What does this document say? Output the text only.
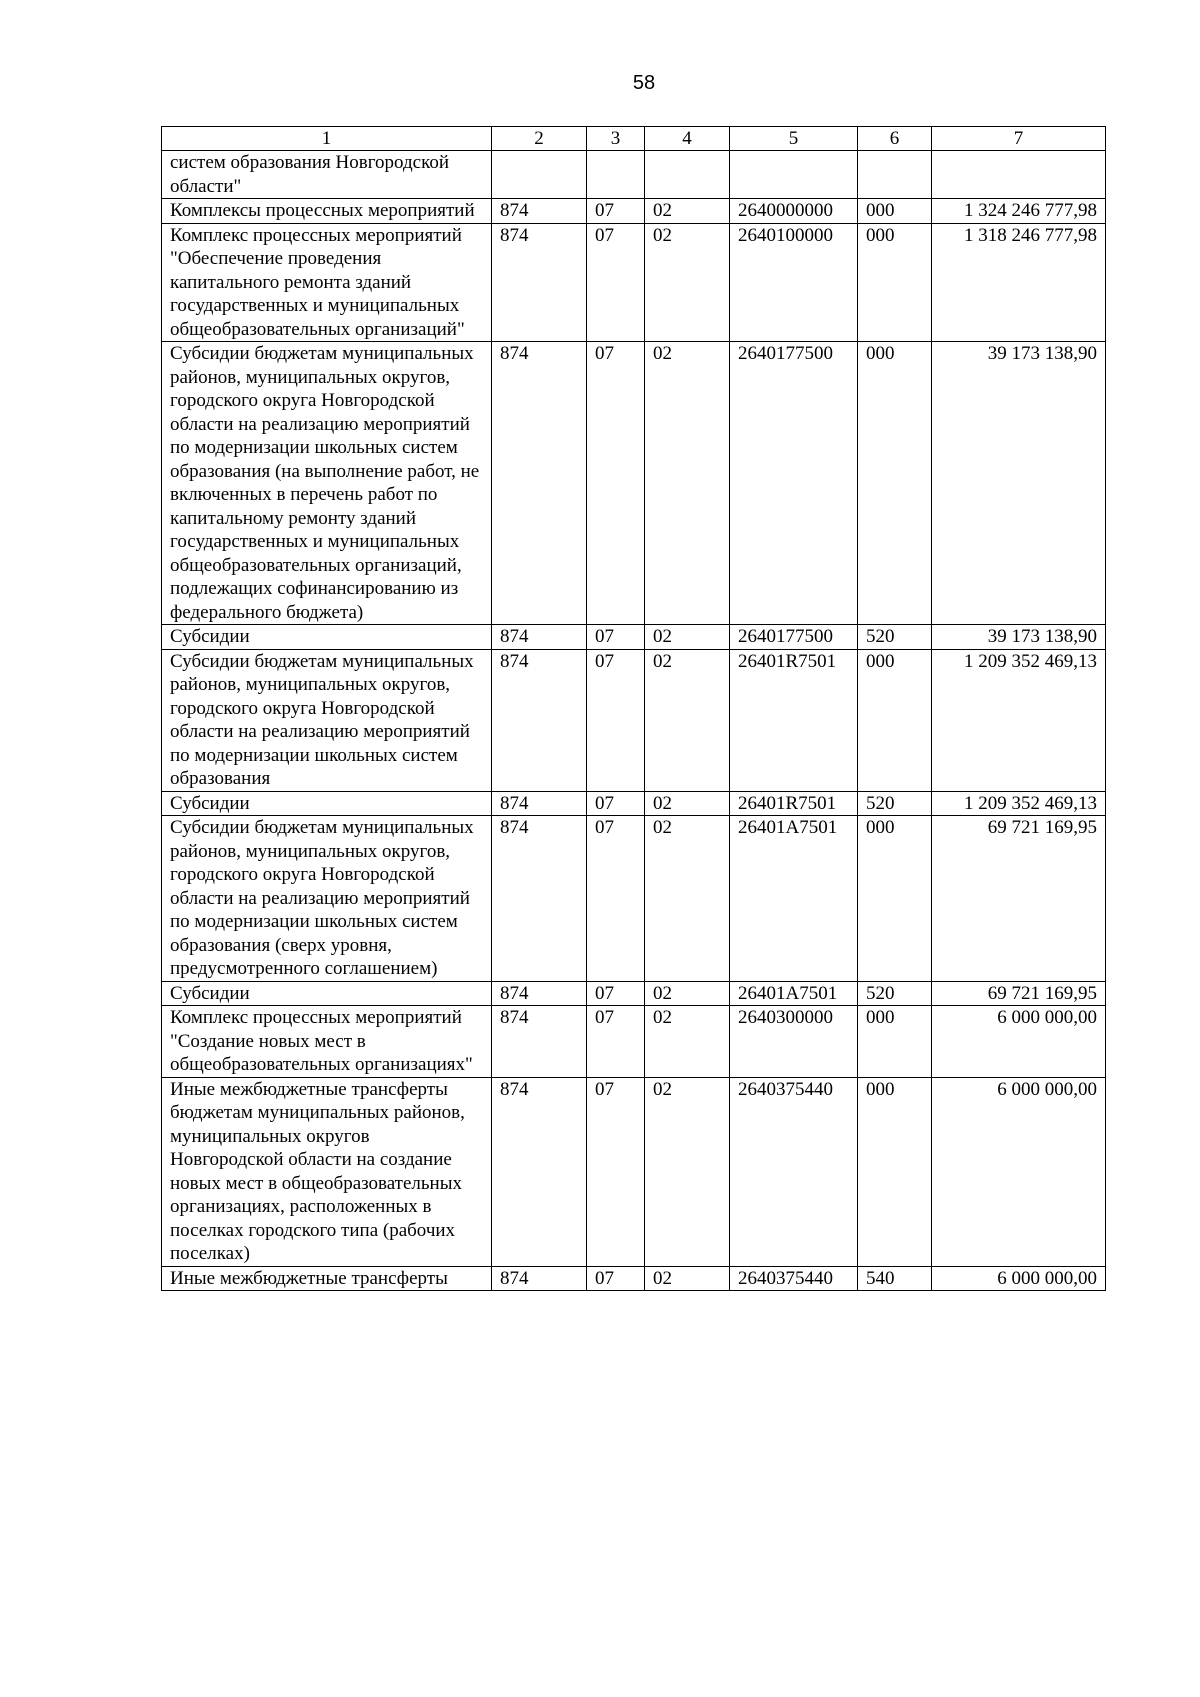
58
1	2	3	4	5	6	7
систем образования Новгородской области"						
Комплексы процессных мероприятий	874	07	02	2640000000	000	1 324 246 777,98
Комплекс процессных мероприятий "Обеспечение проведения капитального ремонта зданий государственных и муниципальных общеобразовательных организаций"	874	07	02	2640100000	000	1 318 246 777,98
Субсидии бюджетам муниципальных районов, муниципальных округов, городского округа Новгородской области на реализацию мероприятий по модернизации школьных систем образования (на выполнение работ, не включенных в перечень работ по капитальному ремонту зданий государственных и муниципальных общеобразовательных организаций, подлежащих софинансированию из федерального бюджета)	874	07	02	2640177500	000	39 173 138,90
Субсидии	874	07	02	2640177500	520	39 173 138,90
Субсидии бюджетам муниципальных районов, муниципальных округов, городского округа Новгородской области на реализацию мероприятий по модернизации школьных систем образования	874	07	02	26401R7501	000	1 209 352 469,13
Субсидии	874	07	02	26401R7501	520	1 209 352 469,13
Субсидии бюджетам муниципальных районов, муниципальных округов, городского округа Новгородской области на реализацию мероприятий по модернизации школьных систем образования (сверх уровня, предусмотренного соглашением)	874	07	02	26401A7501	000	69 721 169,95
Субсидии	874	07	02	26401A7501	520	69 721 169,95
Комплекс процессных мероприятий "Создание новых мест в общеобразовательных организациях"	874	07	02	2640300000	000	6 000 000,00
Иные межбюджетные трансферты бюджетам муниципальных районов, муниципальных округов Новгородской области на создание новых мест в общеобразовательных организациях, расположенных в поселках городского типа (рабочих поселках)	874	07	02	2640375440	000	6 000 000,00
Иные межбюджетные трансферты	874	07	02	2640375440	540	6 000 000,00
